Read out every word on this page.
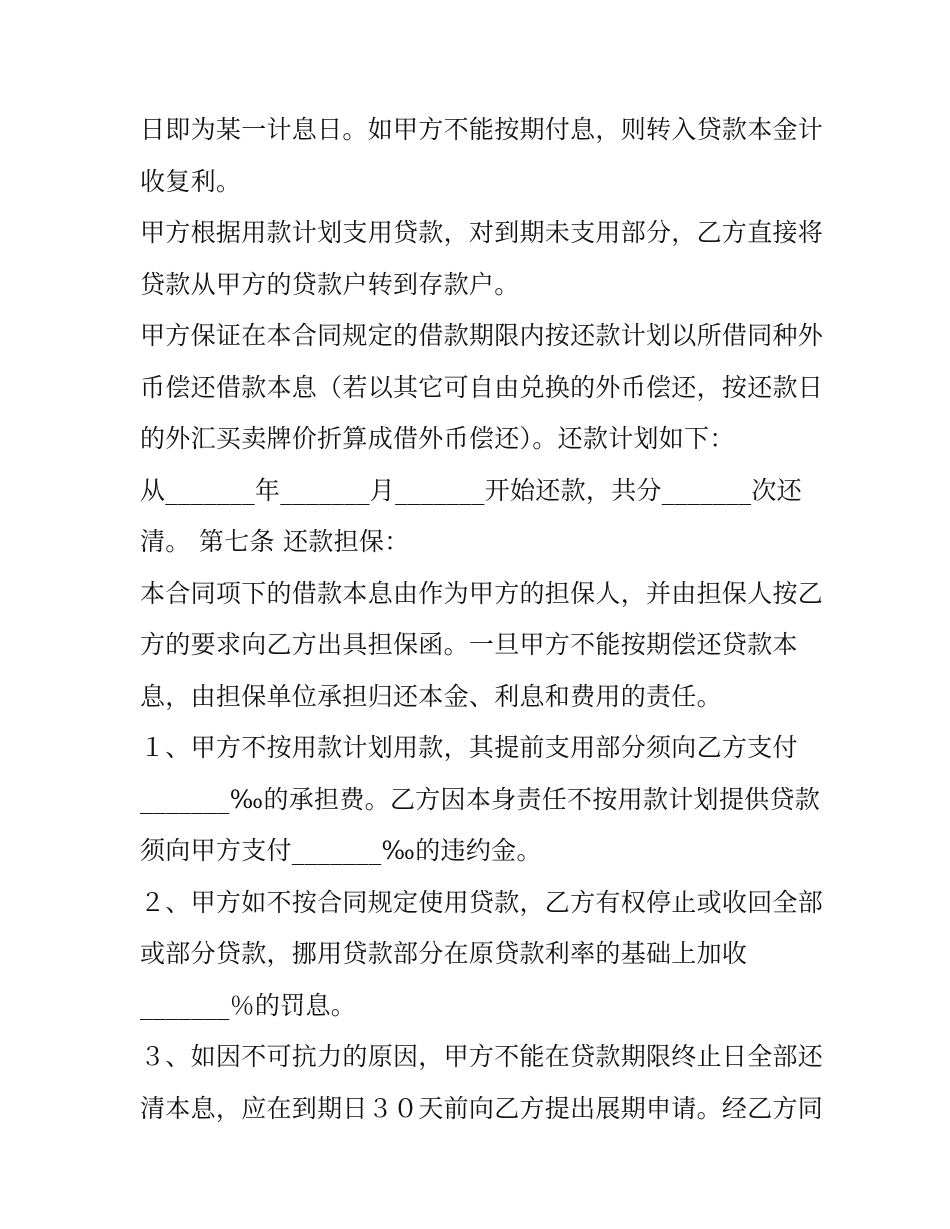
日即为某一计息日。如甲方不能按期付息，则转入贷款本金计
收复利。
甲方根据用款计划支用贷款，对到期未支用部分，乙方直接将
贷款从甲方的贷款户转到存款户。
甲方保证在本合同规定的借款期限内按还款计划以所借同种外
币偿还借款本息（若以其它可自由兑换的外币偿还，按还款日
的外汇买卖牌价折算成借外币偿还）。还款计划如下：
从_______年_______月_______开始还款，共分_______次还
清。 第七条 还款担保：
本合同项下的借款本息由作为甲方的担保人，并由担保人按乙
方的要求向乙方出具担保函。一旦甲方不能按期偿还贷款本
息，由担保单位承担归还本金、利息和费用的责任。
１、甲方不按用款计划用款，其提前支用部分须向乙方支付
_______‰的承担费。乙方因本身责任不按用款计划提供贷款
须向甲方支付_______‰的违约金。
２、甲方如不按合同规定使用贷款，乙方有权停止或收回全部
或部分贷款，挪用贷款部分在原贷款利率的基础上加收
_______％的罚息。
３、如因不可抗力的原因，甲方不能在贷款期限终止日全部还
清本息，应在到期日３０天前向乙方提出展期申请。经乙方同
